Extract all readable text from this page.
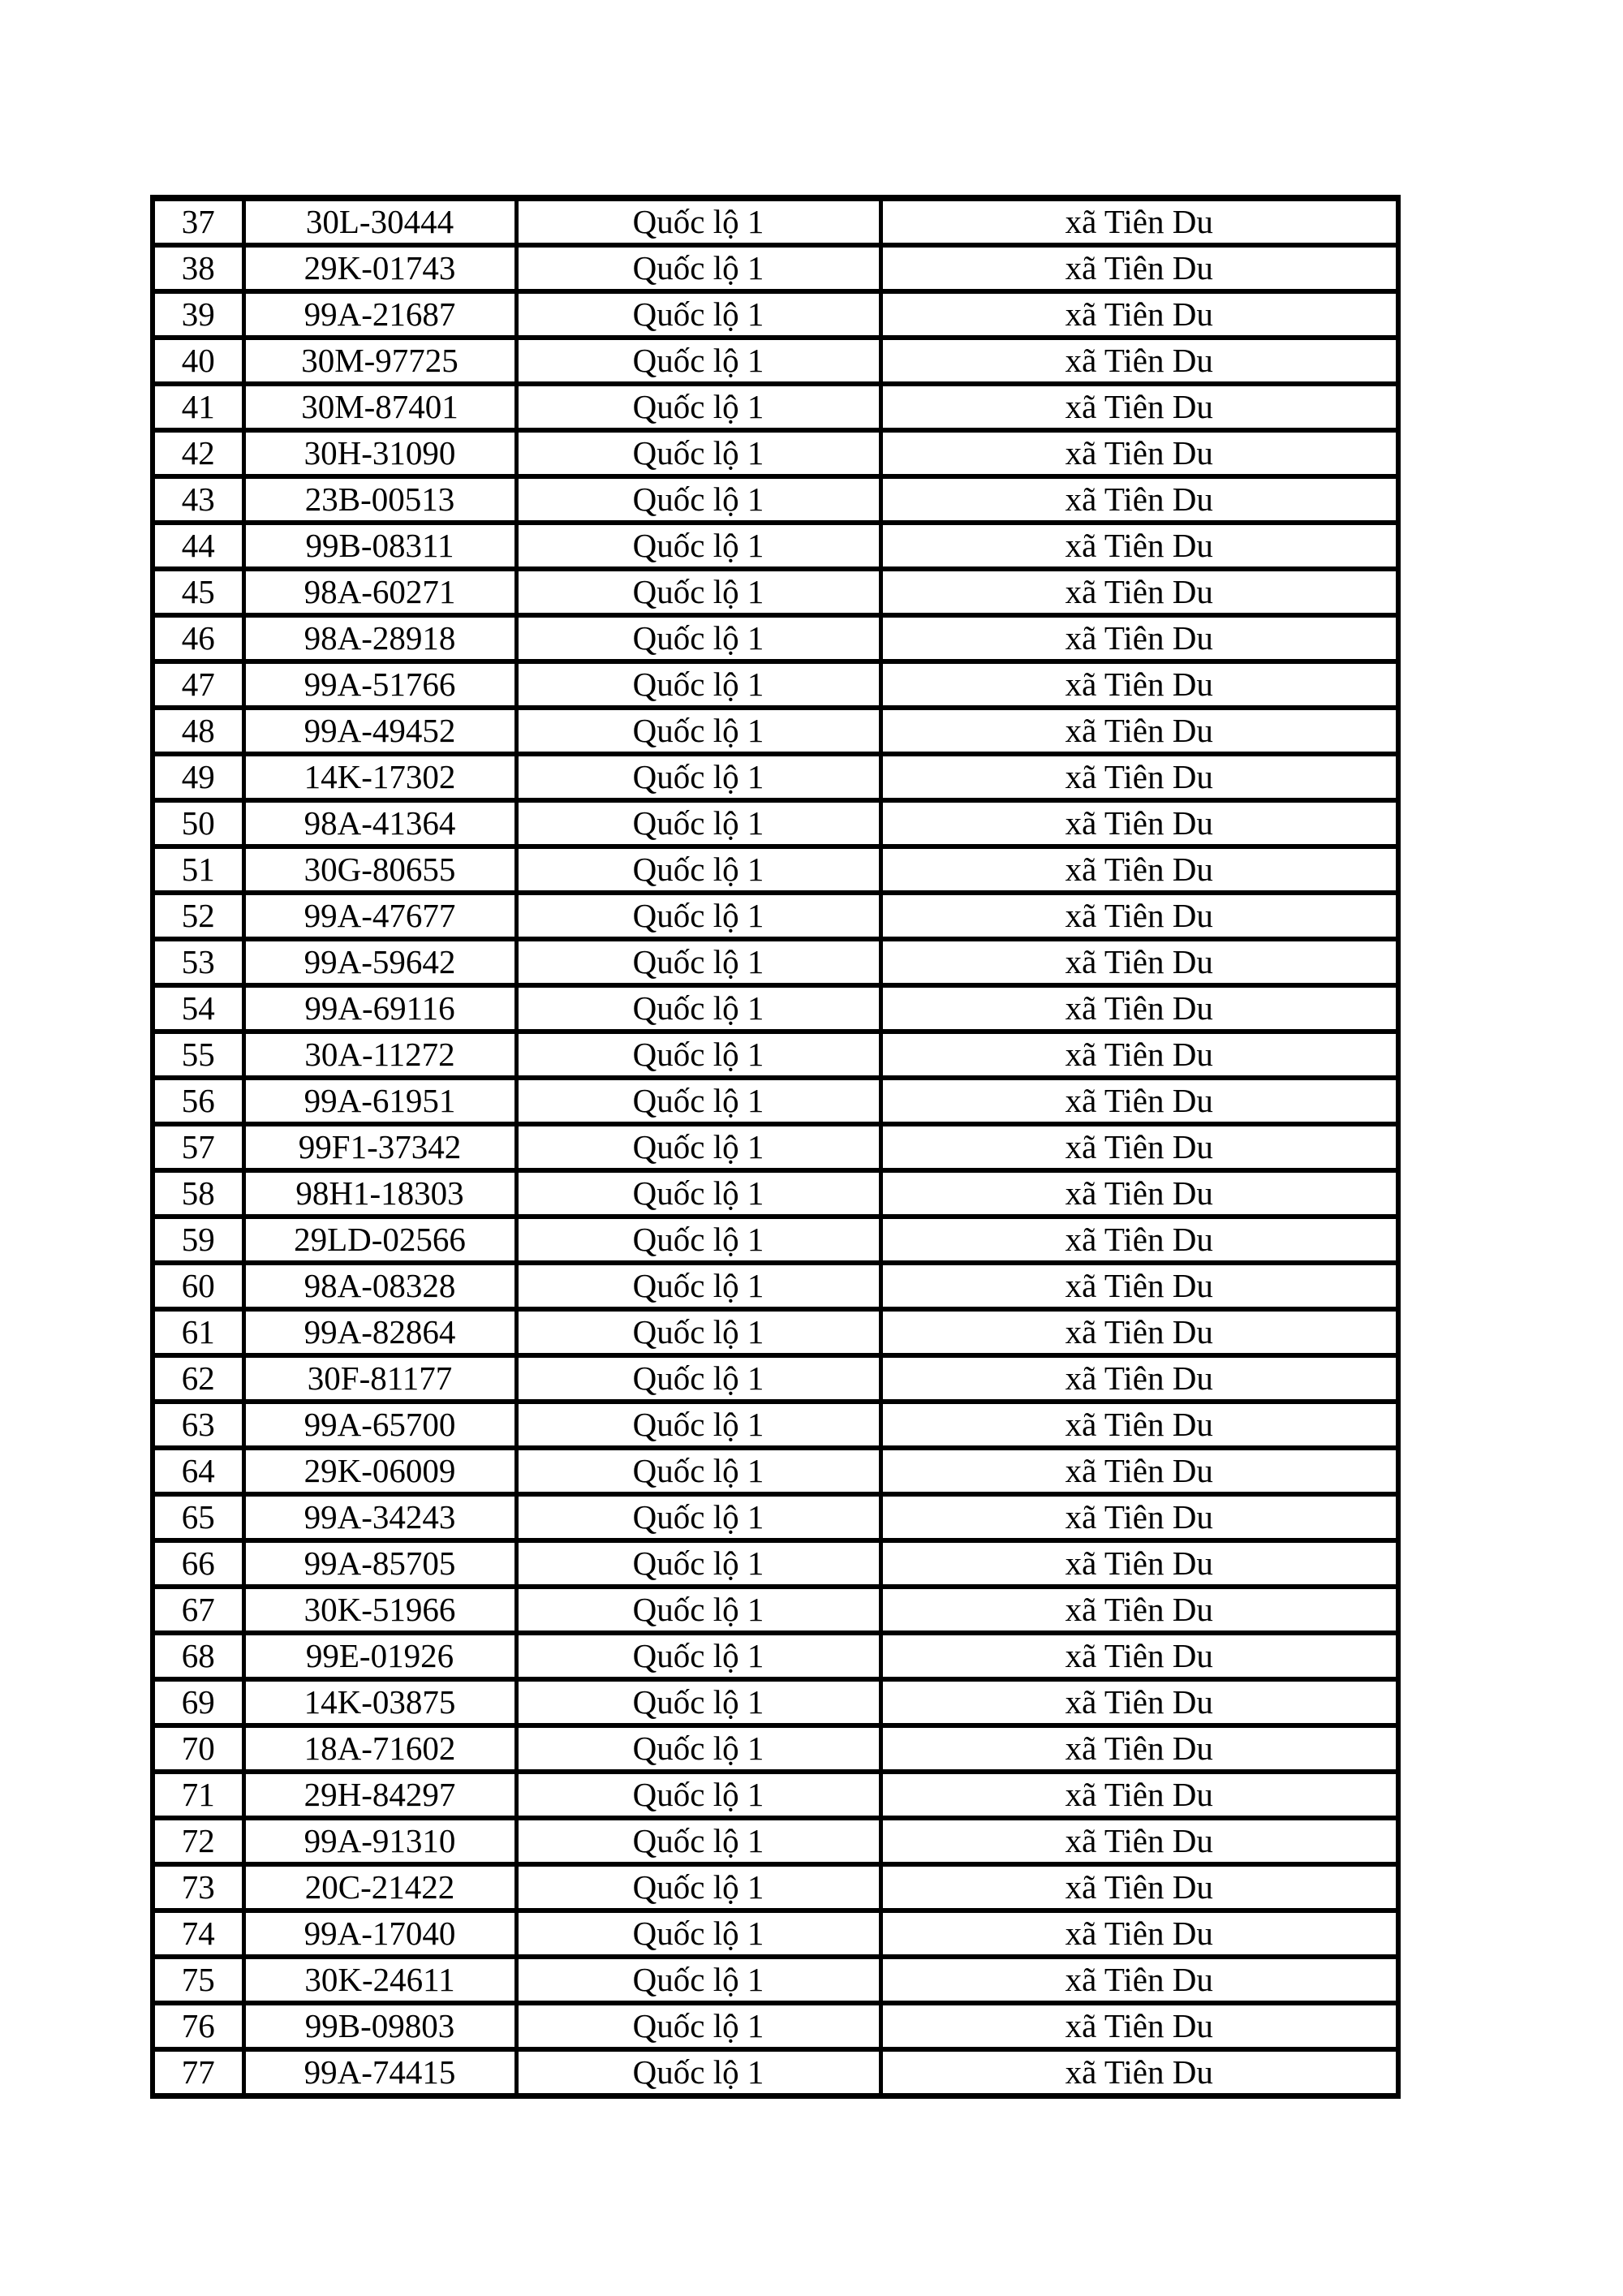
37	30L-30444	Quốc lộ 1	xã Tiên Du
38	29K-01743	Quốc lộ 1	xã Tiên Du
39	99A-21687	Quốc lộ 1	xã Tiên Du
40	30M-97725	Quốc lộ 1	xã Tiên Du
41	30M-87401	Quốc lộ 1	xã Tiên Du
42	30H-31090	Quốc lộ 1	xã Tiên Du
43	23B-00513	Quốc lộ 1	xã Tiên Du
44	99B-08311	Quốc lộ 1	xã Tiên Du
45	98A-60271	Quốc lộ 1	xã Tiên Du
46	98A-28918	Quốc lộ 1	xã Tiên Du
47	99A-51766	Quốc lộ 1	xã Tiên Du
48	99A-49452	Quốc lộ 1	xã Tiên Du
49	14K-17302	Quốc lộ 1	xã Tiên Du
50	98A-41364	Quốc lộ 1	xã Tiên Du
51	30G-80655	Quốc lộ 1	xã Tiên Du
52	99A-47677	Quốc lộ 1	xã Tiên Du
53	99A-59642	Quốc lộ 1	xã Tiên Du
54	99A-69116	Quốc lộ 1	xã Tiên Du
55	30A-11272	Quốc lộ 1	xã Tiên Du
56	99A-61951	Quốc lộ 1	xã Tiên Du
57	99F1-37342	Quốc lộ 1	xã Tiên Du
58	98H1-18303	Quốc lộ 1	xã Tiên Du
59	29LD-02566	Quốc lộ 1	xã Tiên Du
60	98A-08328	Quốc lộ 1	xã Tiên Du
61	99A-82864	Quốc lộ 1	xã Tiên Du
62	30F-81177	Quốc lộ 1	xã Tiên Du
63	99A-65700	Quốc lộ 1	xã Tiên Du
64	29K-06009	Quốc lộ 1	xã Tiên Du
65	99A-34243	Quốc lộ 1	xã Tiên Du
66	99A-85705	Quốc lộ 1	xã Tiên Du
67	30K-51966	Quốc lộ 1	xã Tiên Du
68	99E-01926	Quốc lộ 1	xã Tiên Du
69	14K-03875	Quốc lộ 1	xã Tiên Du
70	18A-71602	Quốc lộ 1	xã Tiên Du
71	29H-84297	Quốc lộ 1	xã Tiên Du
72	99A-91310	Quốc lộ 1	xã Tiên Du
73	20C-21422	Quốc lộ 1	xã Tiên Du
74	99A-17040	Quốc lộ 1	xã Tiên Du
75	30K-24611	Quốc lộ 1	xã Tiên Du
76	99B-09803	Quốc lộ 1	xã Tiên Du
77	99A-74415	Quốc lộ 1	xã Tiên Du
